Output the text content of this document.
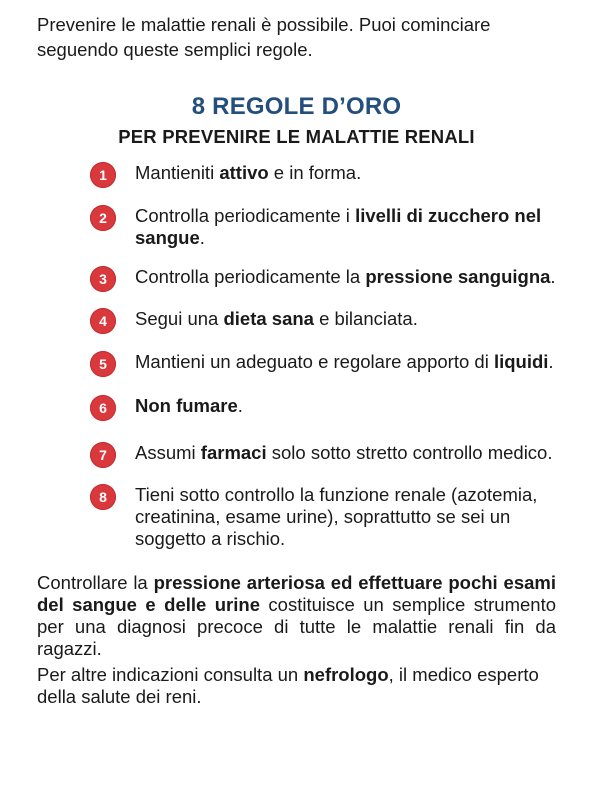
Prevenire le malattie renali è possibile. Puoi cominciare seguendo queste semplici regole.

8 REGOLE D’ORO
PER PREVENIRE LE MALATTIE RENALI
1	Mantieniti attivo e in forma.
2	Controlla periodicamente i livelli di zucchero nel sangue.
3	Controlla periodicamente la pressione sanguigna.
4	Segui una dieta sana e bilanciata.
5	Mantieni un adeguato e regolare apporto di liquidi.
6	Non fumare.
7	Assumi farmaci solo sotto stretto controllo medico.
8	Tieni sotto controllo la funzione renale (azotemia, creatinina, esame urine), soprattutto se sei un soggetto a rischio.

Controllare la pressione arteriosa ed effettuare pochi esami del sangue e delle urine costituisce un semplice strumento per una diagnosi precoce di tutte le malattie renali fin da ragazzi.

Per altre indicazioni consulta un nefrologo, il medico esperto della salute dei reni.
